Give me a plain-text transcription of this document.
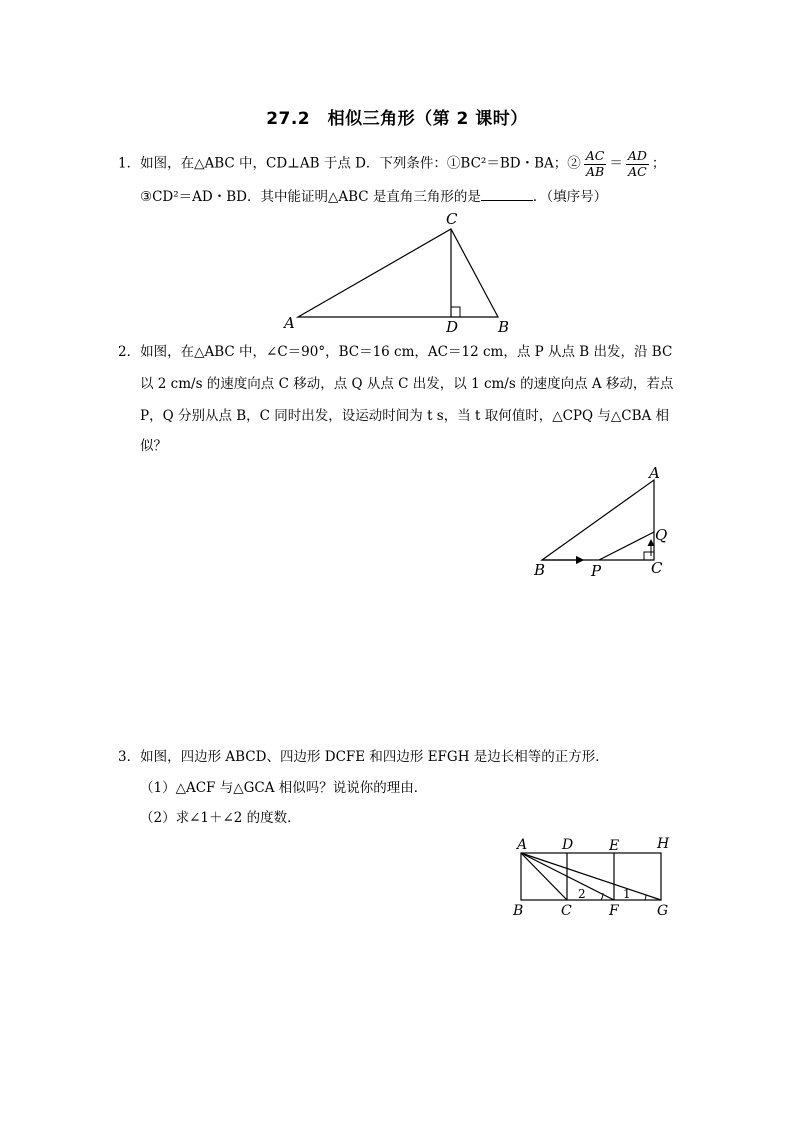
27.2　相似三角形（第 2 课时）
1．如图，在△ABC 中，CD⊥AB 于点 D．下列条件：①BC²＝BD・BA；② $\frac{AC}{AB} = \frac{AD}{AC}$ ；
③CD²＝AD・BD．其中能证明△ABC 是直角三角形的是	．（填序号）
A
C
D	B
2．如图，在△ABC 中，∠C＝90°，BC＝16 cm，AC＝12 cm，点 P 从点 B 出发，沿 BC
以 2 cm/s 的速度向点 C 移动，点 Q 从点 C 出发，以 1 cm/s 的速度向点 A 移动，若点
P，Q 分别从点 B，C 同时出发，设运动时间为 t s，当 t 取何值时，△CPQ 与△CBA 相
似？
A
B	P	C
Q
3．如图，四边形 ABCD、四边形 DCFE 和四边形 EFGH 是边长相等的正方形．
（1）△ACF 与△GCA 相似吗？说说你的理由．
（2）求∠1＋∠2 的度数．
A D	E	H
B	C	F	G
2	1
